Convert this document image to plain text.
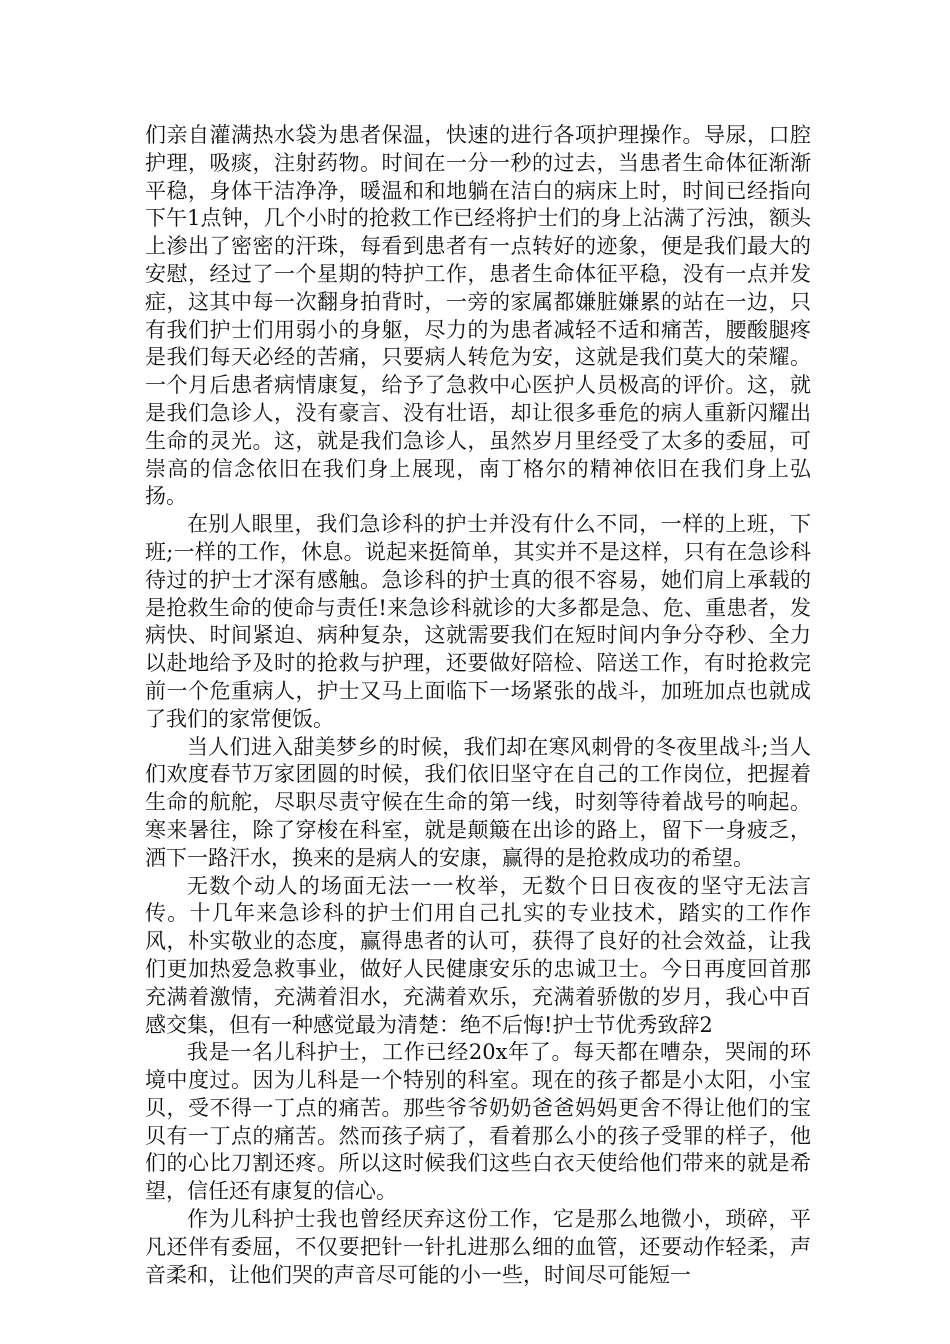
们亲自灌满热水袋为患者保温，快速的进行各项护理操作。导尿，口腔护理，吸痰，注射药物。时间在一分一秒的过去，当患者生命体征渐渐平稳，身体干洁净净，暖温和和地躺在洁白的病床上时，时间已经指向下午1点钟，几个小时的抢救工作已经将护士们的身上沾满了污浊，额头上渗出了密密的汗珠，每看到患者有一点转好的迹象，便是我们最大的安慰，经过了一个星期的特护工作，患者生命体征平稳，没有一点并发症，这其中每一次翻身拍背时，一旁的家属都嫌脏嫌累的站在一边，只有我们护士们用弱小的身躯，尽力的为患者减轻不适和痛苦，腰酸腿疼是我们每天必经的苦痛，只要病人转危为安，这就是我们莫大的荣耀。一个月后患者病情康复，给予了急救中心医护人员极高的评价。这，就是我们急诊人，没有豪言、没有壮语，却让很多垂危的病人重新闪耀出生命的灵光。这，就是我们急诊人，虽然岁月里经受了太多的委屈，可崇高的信念依旧在我们身上展现，南丁格尔的精神依旧在我们身上弘扬。

在别人眼里，我们急诊科的护士并没有什么不同，一样的上班，下班;一样的工作，休息。说起来挺简单，其实并不是这样，只有在急诊科待过的护士才深有感触。急诊科的护士真的很不容易，她们肩上承载的是抢救生命的使命与责任!来急诊科就诊的大多都是急、危、重患者，发病快、时间紧迫、病种复杂，这就需要我们在短时间内争分夺秒、全力以赴地给予及时的抢救与护理，还要做好陪检、陪送工作，有时抢救完前一个危重病人，护士又马上面临下一场紧张的战斗，加班加点也就成了我们的家常便饭。

当人们进入甜美梦乡的时候，我们却在寒风刺骨的冬夜里战斗;当人们欢度春节万家团圆的时候，我们依旧坚守在自己的工作岗位，把握着生命的航舵，尽职尽责守候在生命的第一线，时刻等待着战号的响起。寒来暑往，除了穿梭在科室，就是颠簸在出诊的路上，留下一身疲乏，洒下一路汗水，换来的是病人的安康，赢得的是抢救成功的希望。

无数个动人的场面无法一一枚举，无数个日日夜夜的坚守无法言传。十几年来急诊科的护士们用自己扎实的专业技术，踏实的工作作风，朴实敬业的态度，赢得患者的认可，获得了良好的社会效益，让我们更加热爱急救事业，做好人民健康安乐的忠诚卫士。今日再度回首那充满着激情，充满着泪水，充满着欢乐，充满着骄傲的岁月，我心中百感交集，但有一种感觉最为清楚：绝不后悔!护士节优秀致辞2

我是一名儿科护士，工作已经20x年了。每天都在嘈杂，哭闹的环境中度过。因为儿科是一个特别的科室。现在的孩子都是小太阳，小宝贝，受不得一丁点的痛苦。那些爷爷奶奶爸爸妈妈更舍不得让他们的宝贝有一丁点的痛苦。然而孩子病了，看着那么小的孩子受罪的样子，他们的心比刀割还疼。所以这时候我们这些白衣天使给他们带来的就是希望，信任还有康复的信心。

作为儿科护士我也曾经厌弃这份工作，它是那么地微小，琐碎，平凡还伴有委屈，不仅要把针一针扎进那么细的血管，还要动作轻柔，声音柔和，让他们哭的声音尽可能的小一些，时间尽可能短一
